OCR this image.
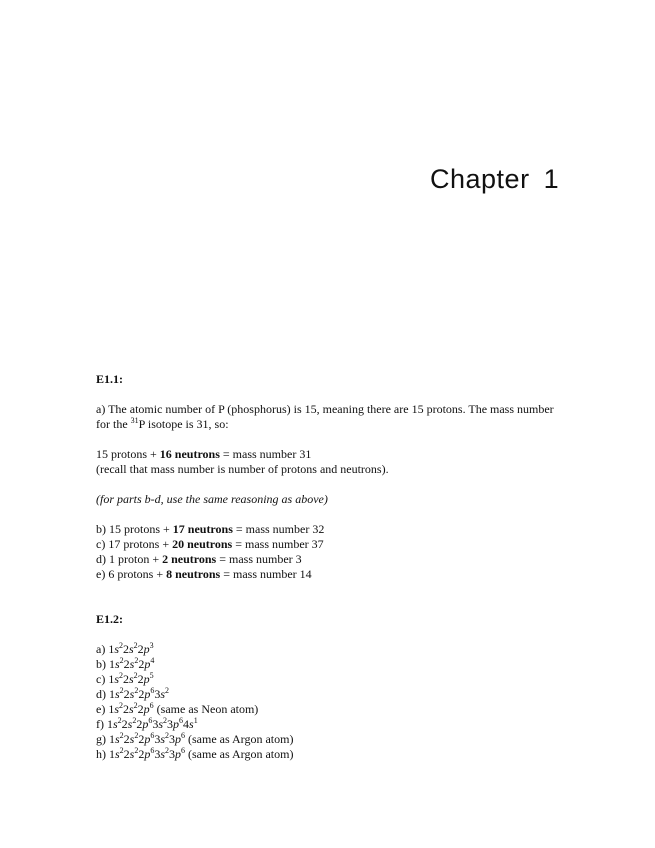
Chapter 1

E1.1:

a) The atomic number of P (phosphorus) is 15, meaning there are 15 protons. The mass number for the $^{31}$P isotope is 31, so:

15 protons + 16 neutrons = mass number 31

(recall that mass number is number of protons and neutrons).

(for parts b-d, use the same reasoning as above)

b) 15 protons + 17 neutrons = mass number 32

c) 17 protons + 20 neutrons = mass number 37

d) 1 proton + 2 neutrons = mass number 3

e) 6 protons + 8 neutrons = mass number 14

E1.2:

a) $1s^22s^22p^3$

b) $1s^22s^22p^4$

c) $1s^22s^22p^5$

d) $1s^22s^22p^63s^2$

e) $1s^22s^22p^6$ (same as Neon atom)

f) $1s^22s^22p^63s^23p^64s^1$

g) $1s^22s^22p^63s^23p^6$ (same as Argon atom)

h) $1s^22s^22p^63s^23p^6$ (same as Argon atom)
